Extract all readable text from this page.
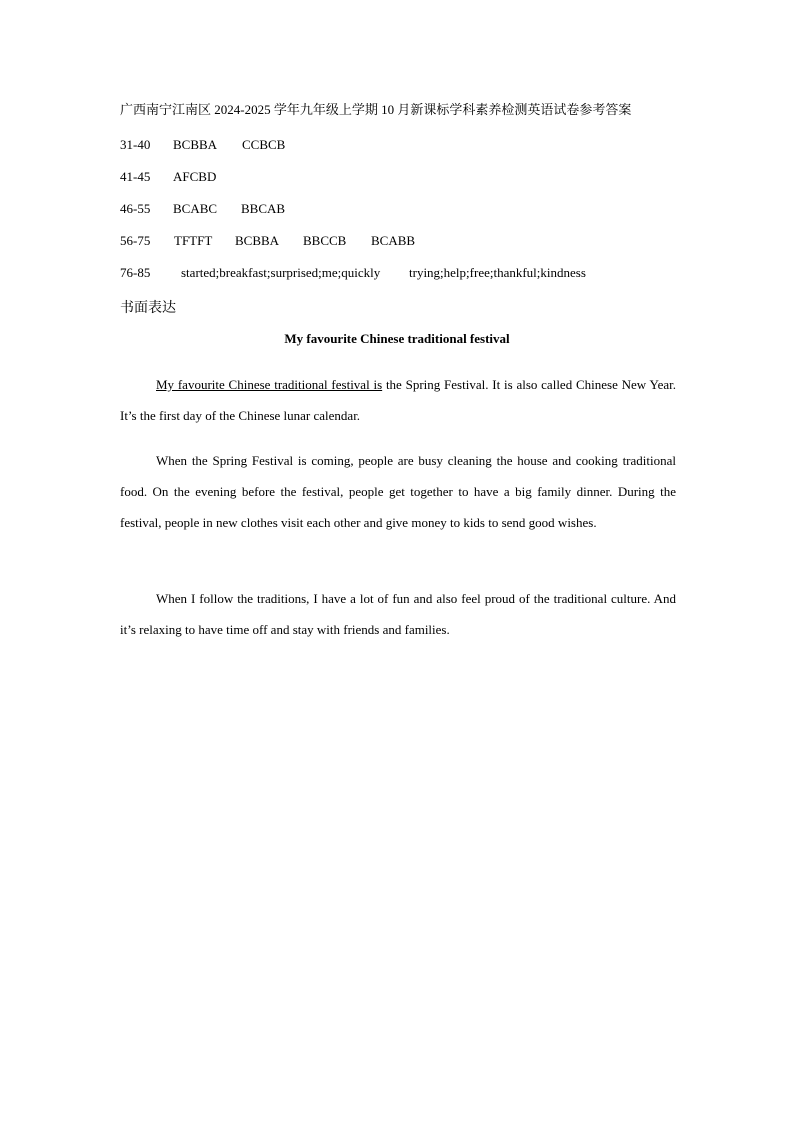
广西南宁江南区 2024-2025 学年九年级上学期 10 月新课标学科素养检测英语试卷参考答案
31-40 BCBBA CCBCB
41-45 AFCBD
46-55 BCABC BBCAB
56-75 TFTFT BCBBA BBCCB BCABB
76-85 started;breakfast;surprised;me;quickly trying;help;free;thankful;kindness
书面表达
My favourite Chinese traditional festival
My favourite Chinese traditional festival is the Spring Festival. It is also called Chinese New Year. It’s the first day of the Chinese lunar calendar.
When the Spring Festival is coming, people are busy cleaning the house and cooking traditional food. On the evening before the festival, people get together to have a big family dinner. During the festival, people in new clothes visit each other and give money to kids to send good wishes.
When I follow the traditions, I have a lot of fun and also feel proud of the traditional culture. And it’s relaxing to have time off and stay with friends and families.
